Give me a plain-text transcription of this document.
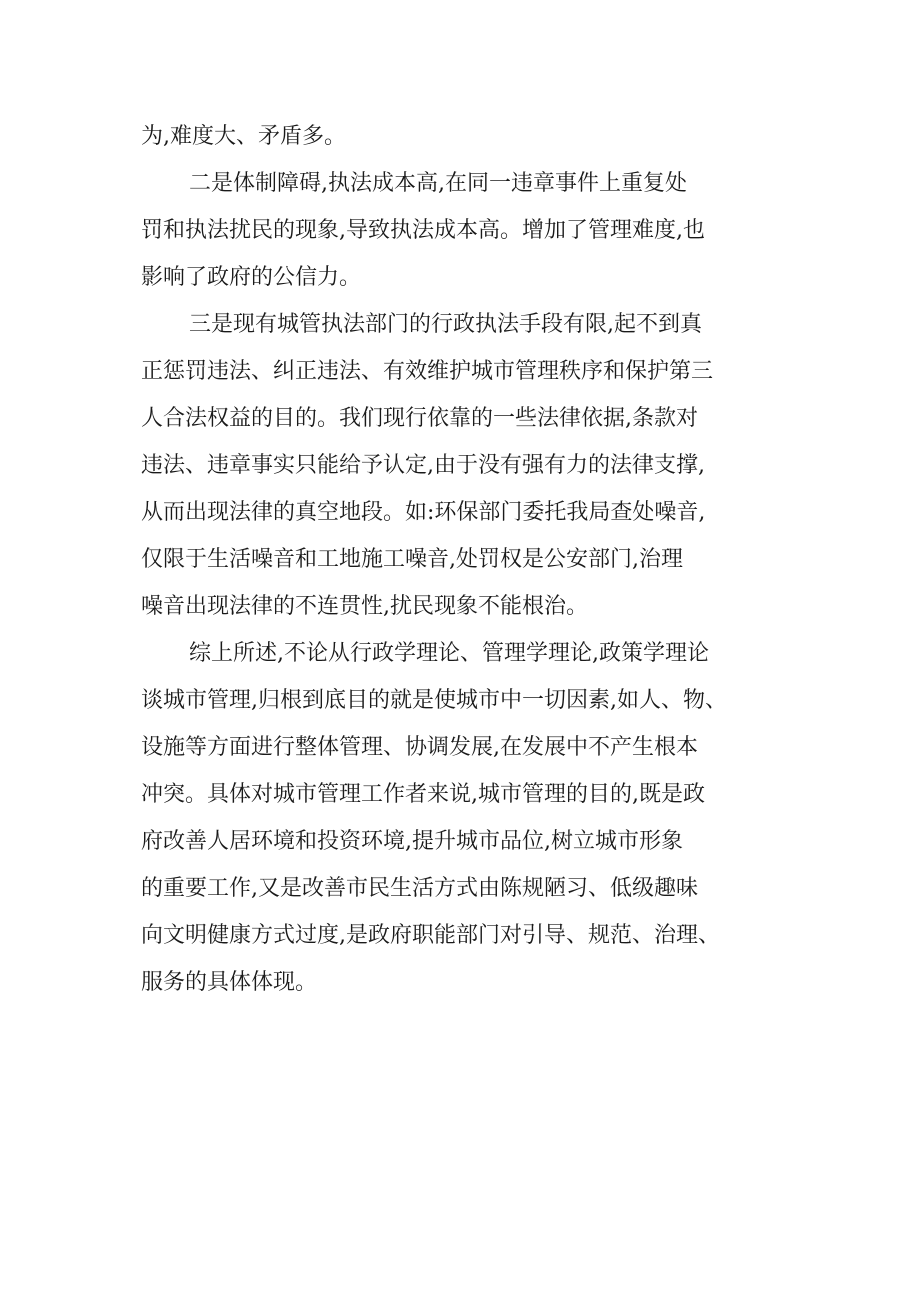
为,难度大、矛盾多。
二是体制障碍,执法成本高,在同一违章事件上重复处
罚和执法扰民的现象,导致执法成本高。增加了管理难度,也
影响了政府的公信力。
三是现有城管执法部门的行政执法手段有限,起不到真
正惩罚违法、纠正违法、有效维护城市管理秩序和保护第三
人合法权益的目的。我们现行依靠的一些法律依据,条款对
违法、违章事实只能给予认定,由于没有强有力的法律支撑,
从而出现法律的真空地段。如:环保部门委托我局查处噪音,
仅限于生活噪音和工地施工噪音,处罚权是公安部门,治理
噪音出现法律的不连贯性,扰民现象不能根治。
综上所述,不论从行政学理论、管理学理论,政策学理论
谈城市管理,归根到底目的就是使城市中一切因素,如人、物、
设施等方面进行整体管理、协调发展,在发展中不产生根本
冲突。具体对城市管理工作者来说,城市管理的目的,既是政
府改善人居环境和投资环境,提升城市品位,树立城市形象
的重要工作,又是改善市民生活方式由陈规陋习、低级趣味
向文明健康方式过度,是政府职能部门对引导、规范、治理、
服务的具体体现。
